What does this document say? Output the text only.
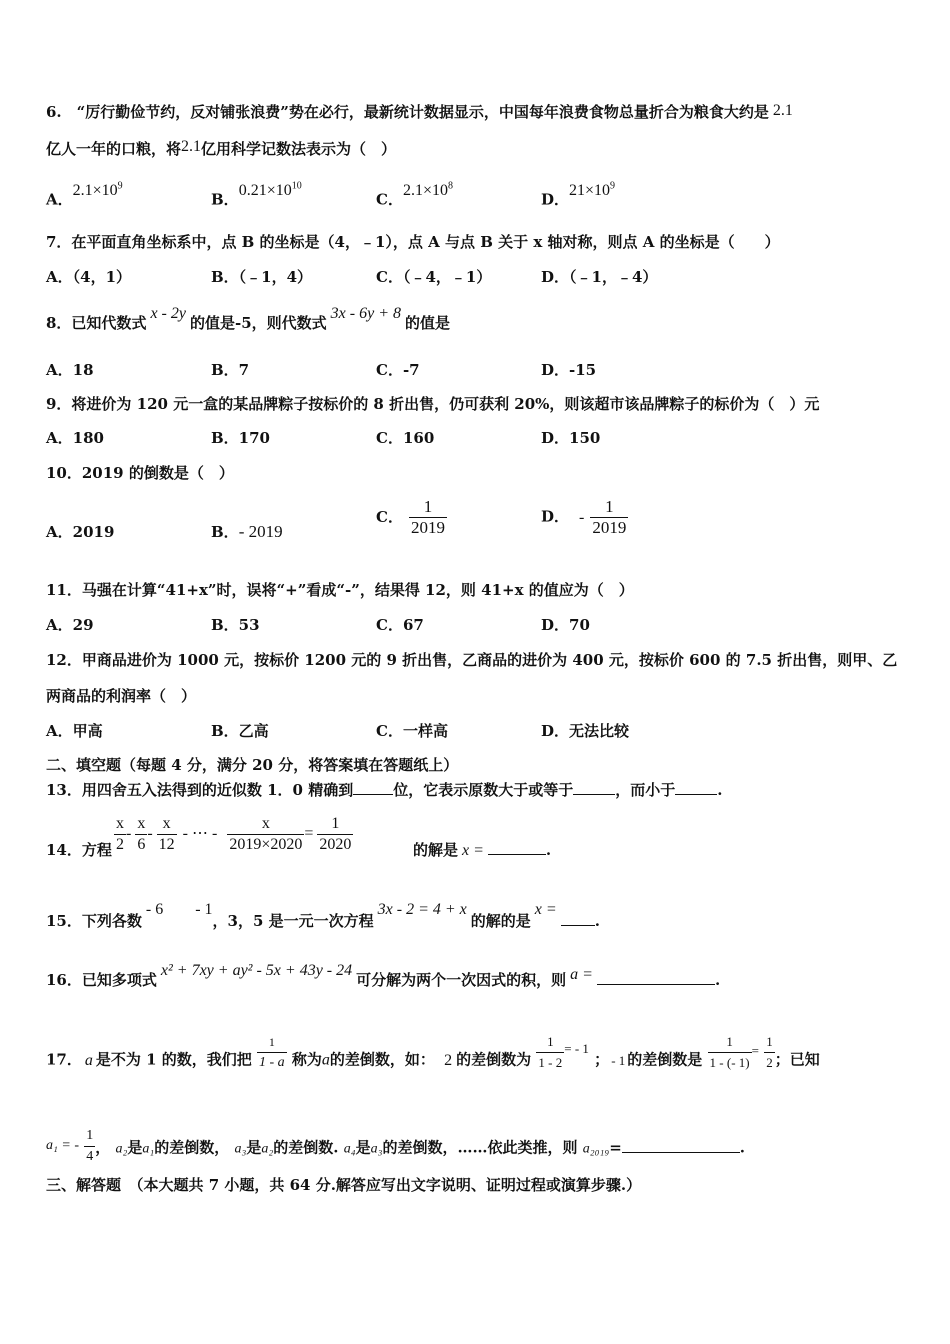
6.　“厉行勤俭节约，反对铺张浪费”势在必行，最新统计数据显示，中国每年浪费食物总量折合为粮食大约是 2.1
亿人一年的口粮，将2.1亿用科学记数法表示为（　）
A．$2.1\times 10^9$
B．$0.21\times 10^{10}$
C．$2.1\times 10^8$
D．$21\times 10^9$
7．在平面直角坐标系中，点 B 的坐标是（4，﹣1），点 A 与点 B 关于 x 轴对称，则点 A 的坐标是（　　）
A．（4，1）	B．（﹣1，4）	C．（﹣4，﹣1）	D．（﹣1，﹣4）
8．已知代数式x - 2y的值是-5，则代数式3x - 6y + 8的值是
A．18	B．7	C．-7	D．-15
9．将进价为 120 元一盒的某品牌粽子按标价的 8 折出售，仍可获利 20%，则该超市该品牌粽子的标价为（　）元
A．180	B．170	C．160	D．150
10．2019 的倒数是（　）
A．2019	B．- 2019
C． $\frac{1}{2019}$	D． - $\frac{1}{2019}$
11．马强在计算“41+x”时，误将“+”看成“-”，结果得 12，则 41+x 的值应为（　）
A．29	B．53	C．67	D．70
12．甲商品进价为 1000 元，按标价 1200 元的 9 折出售，乙商品的进价为 400 元，按标价 600 的 7.5 折出售，则甲、乙
两商品的利润率（　）
A．甲高	B．乙高	C．一样高	D．无法比较
二、填空题（每题 4 分，满分 20 分，将答案填在答题纸上）
13．用四舍五入法得到的近似数 1．0 精确到	位，它表示原数大于或等于	，而小于	.
14．方程 $\frac{x}{2} - \frac{x}{6} - \frac{x}{12}$ - ⋯ - $\frac{x}{2019\times 2020} = \frac{1}{2020}$	的解是 x =	.
15．下列各数- 6 - 1，3，5 是一元一次方程3x - 2 = 4 + x的解的是x =.
16．已知多项式x² + 7xy + ay² - 5x + 43y - 24可分解为两个一次因式的积，则 a =	.
17． a 是不为 1 的数，我们把 $\frac{1}{1 - a}$ 称为a的差倒数，如： 2 的差倒数为 $\frac{1}{1 - 2}$ = - 1 ； - 1 的差倒数是 $\frac{1}{1 - (- 1)} = \frac{1}{2}$ ；已知
a₁ = - $\frac{1}{4}$ ， a₂是a₁的差倒数， a₃是a₂的差倒数. a₄是a₃的差倒数，……依此类推，则 a₂₀₁₉=	.
三、解答题　（本大题共 7 小题，共 64 分.解答应写出文字说明、证明过程或演算步骤.）
